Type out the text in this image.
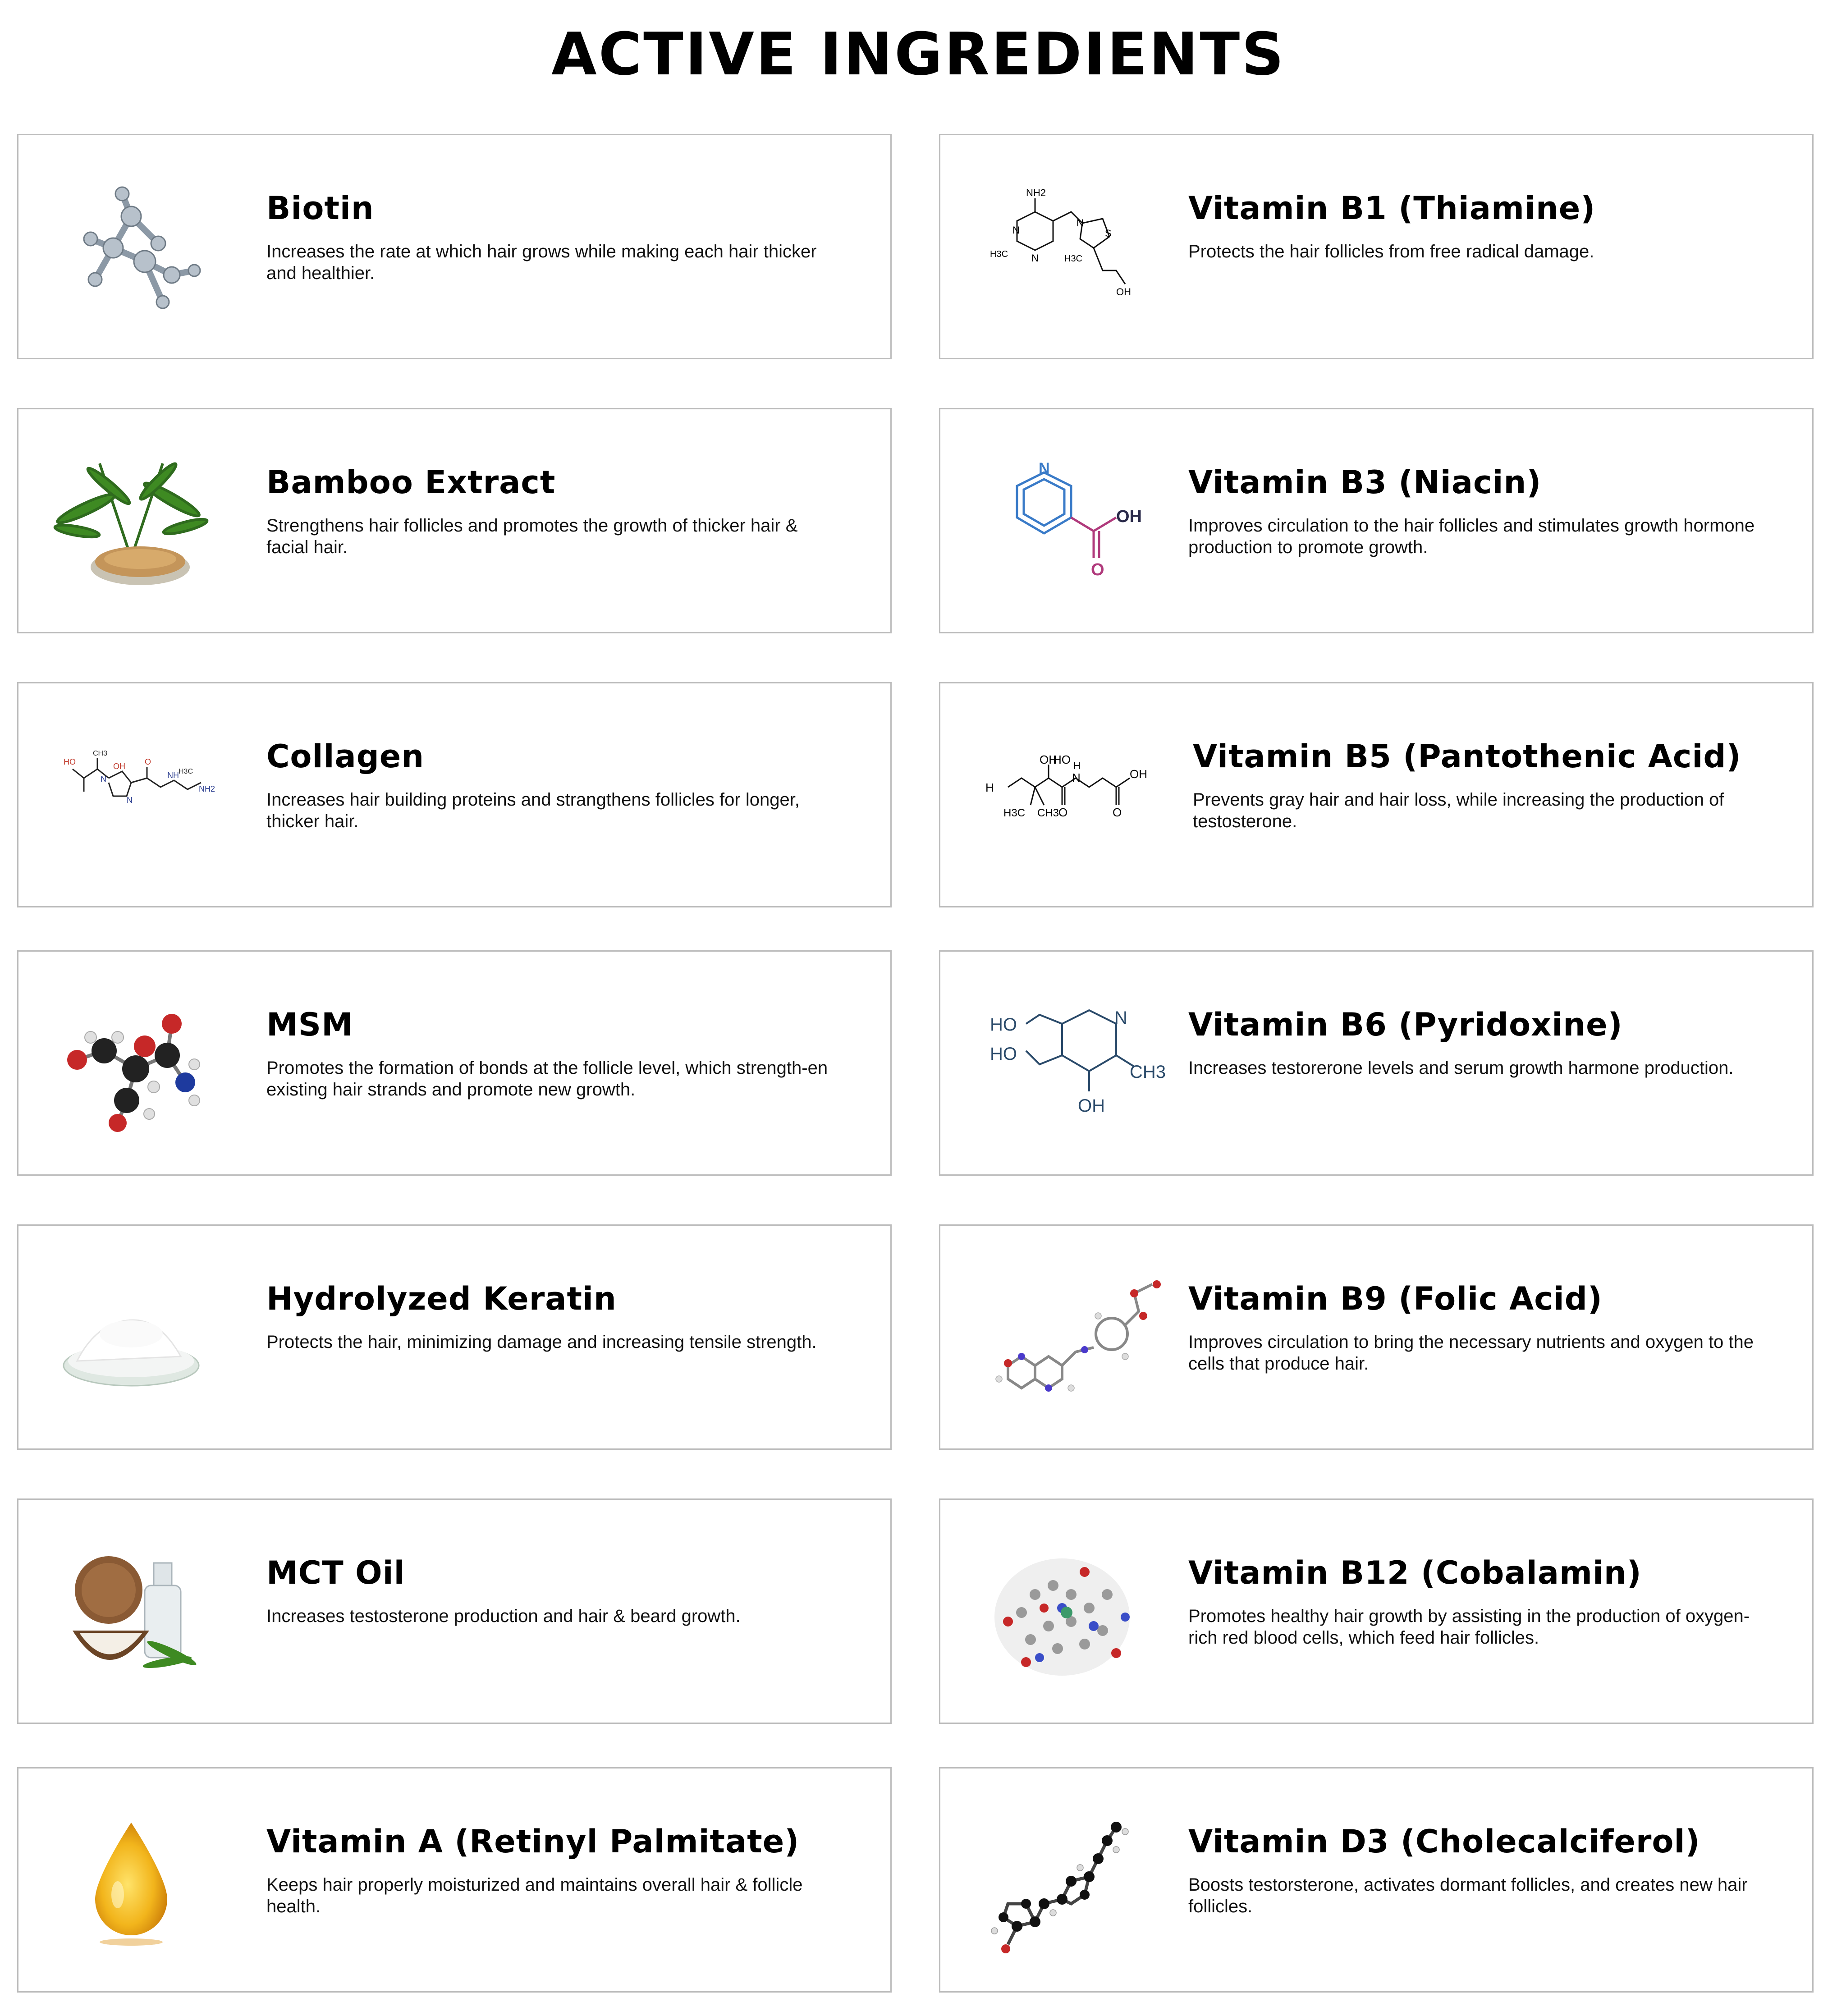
ACTIVE INGREDIENTS
Biotin

Increases the rate at which hair grows while making each hair thicker and healthier.

Bamboo Extract

Strengthens hair follicles and promotes the growth of thicker hair & facial hair.

HO
CH3
N
OH
N
O
NH H3C
NH2
Collagen

Increases hair building proteins and strangthens follicles for longer, thicker hair.

MSM

Promotes the formation of bonds at the follicle level, which strength-en existing hair strands and promote new growth.

Hydrolyzed Keratin

Protects the hair, minimizing damage and increasing tensile strength.

MCT Oil

Increases testosterone production and hair & beard growth.

Vitamin A (Retinyl Palmitate)

Keeps hair properly moisturized and maintains overall hair & follicle health.

NH2
N
N
H3C	H3C
N
S
OH
Vitamin B1 (Thiamine)

Protects the hair follicles from free radical damage.

N
OH
O
Vitamin B3 (Niacin)

Improves circulation to the hair follicles and stimulates growth hormone production to promote growth.

H
OH
HO
H3C CH3
O
H
N	OH
O
Vitamin B5 (Pantothenic Acid)

Prevents gray hair and hair loss, while increasing the production of testosterone.

HO
HO
N
CH3
OH
Vitamin B6 (Pyridoxine)

Increases testorerone levels and serum growth harmone production.

Vitamin B9 (Folic Acid)

Improves circulation to bring the necessary nutrients and oxygen to the cells that produce hair.

Vitamin B12 (Cobalamin)

Promotes healthy hair growth by assisting in the production of oxygen-rich red blood cells, which feed hair follicles.

Vitamin D3 (Cholecalciferol)

Boosts testorsterone, activates dormant follicles, and creates new hair follicles.
